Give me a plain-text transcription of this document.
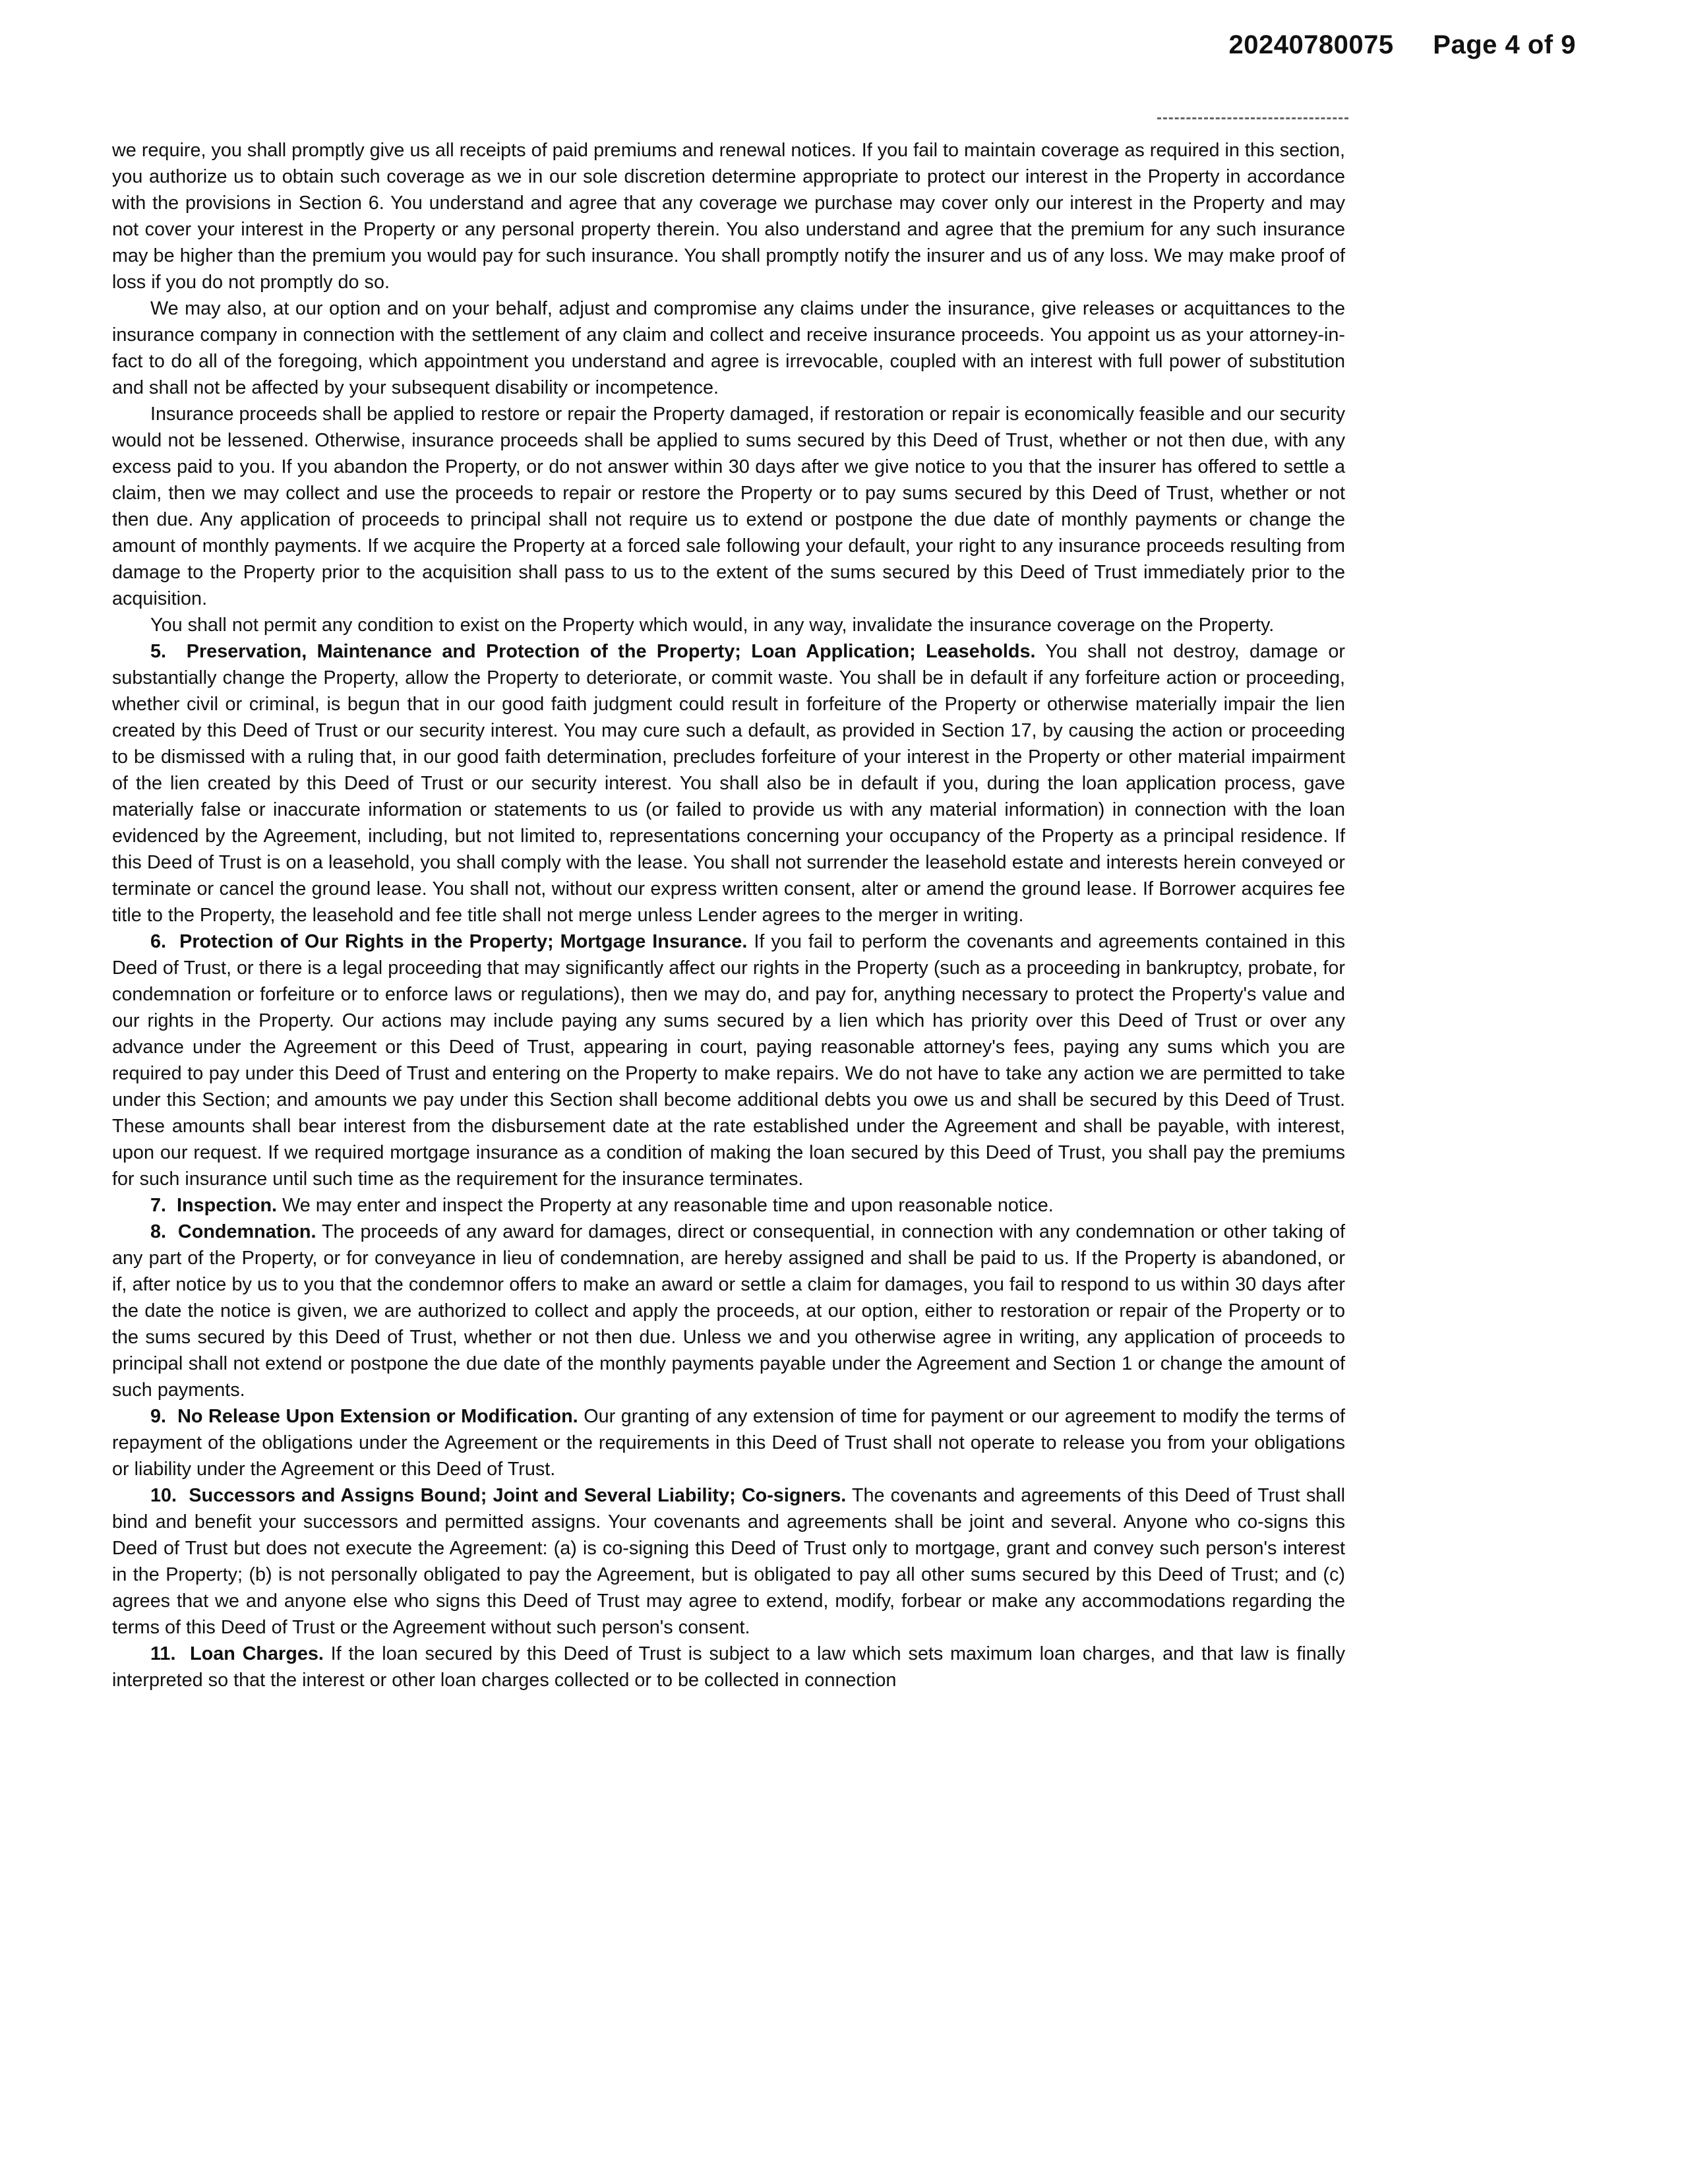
20240780075 Page 4 of 9

we require, you shall promptly give us all receipts of paid premiums and renewal notices. If you fail to maintain coverage as required in this section, you authorize us to obtain such coverage as we in our sole discretion determine appropriate to protect our interest in the Property in accordance with the provisions in Section 6. You understand and agree that any coverage we purchase may cover only our interest in the Property and may not cover your interest in the Property or any personal property therein. You also understand and agree that the premium for any such insurance may be higher than the premium you would pay for such insurance. You shall promptly notify the insurer and us of any loss. We may make proof of loss if you do not promptly do so.

We may also, at our option and on your behalf, adjust and compromise any claims under the insurance, give releases or acquittances to the insurance company in connection with the settlement of any claim and collect and receive insurance proceeds. You appoint us as your attorney-in-fact to do all of the foregoing, which appointment you understand and agree is irrevocable, coupled with an interest with full power of substitution and shall not be affected by your subsequent disability or incompetence.

Insurance proceeds shall be applied to restore or repair the Property damaged, if restoration or repair is economically feasible and our security would not be lessened. Otherwise, insurance proceeds shall be applied to sums secured by this Deed of Trust, whether or not then due, with any excess paid to you. If you abandon the Property, or do not answer within 30 days after we give notice to you that the insurer has offered to settle a claim, then we may collect and use the proceeds to repair or restore the Property or to pay sums secured by this Deed of Trust, whether or not then due. Any application of proceeds to principal shall not require us to extend or postpone the due date of monthly payments or change the amount of monthly payments. If we acquire the Property at a forced sale following your default, your right to any insurance proceeds resulting from damage to the Property prior to the acquisition shall pass to us to the extent of the sums secured by this Deed of Trust immediately prior to the acquisition.

You shall not permit any condition to exist on the Property which would, in any way, invalidate the insurance coverage on the Property.

5. Preservation, Maintenance and Protection of the Property; Loan Application; Leaseholds. You shall not destroy, damage or substantially change the Property, allow the Property to deteriorate, or commit waste. You shall be in default if any forfeiture action or proceeding, whether civil or criminal, is begun that in our good faith judgment could result in forfeiture of the Property or otherwise materially impair the lien created by this Deed of Trust or our security interest. You may cure such a default, as provided in Section 17, by causing the action or proceeding to be dismissed with a ruling that, in our good faith determination, precludes forfeiture of your interest in the Property or other material impairment of the lien created by this Deed of Trust or our security interest. You shall also be in default if you, during the loan application process, gave materially false or inaccurate information or statements to us (or failed to provide us with any material information) in connection with the loan evidenced by the Agreement, including, but not limited to, representations concerning your occupancy of the Property as a principal residence. If this Deed of Trust is on a leasehold, you shall comply with the lease. You shall not surrender the leasehold estate and interests herein conveyed or terminate or cancel the ground lease. You shall not, without our express written consent, alter or amend the ground lease. If Borrower acquires fee title to the Property, the leasehold and fee title shall not merge unless Lender agrees to the merger in writing.

6. Protection of Our Rights in the Property; Mortgage Insurance. If you fail to perform the covenants and agreements contained in this Deed of Trust, or there is a legal proceeding that may significantly affect our rights in the Property (such as a proceeding in bankruptcy, probate, for condemnation or forfeiture or to enforce laws or regulations), then we may do, and pay for, anything necessary to protect the Property's value and our rights in the Property. Our actions may include paying any sums secured by a lien which has priority over this Deed of Trust or over any advance under the Agreement or this Deed of Trust, appearing in court, paying reasonable attorney's fees, paying any sums which you are required to pay under this Deed of Trust and entering on the Property to make repairs. We do not have to take any action we are permitted to take under this Section; and amounts we pay under this Section shall become additional debts you owe us and shall be secured by this Deed of Trust. These amounts shall bear interest from the disbursement date at the rate established under the Agreement and shall be payable, with interest, upon our request. If we required mortgage insurance as a condition of making the loan secured by this Deed of Trust, you shall pay the premiums for such insurance until such time as the requirement for the insurance terminates.

7. Inspection. We may enter and inspect the Property at any reasonable time and upon reasonable notice.

8. Condemnation. The proceeds of any award for damages, direct or consequential, in connection with any condemnation or other taking of any part of the Property, or for conveyance in lieu of condemnation, are hereby assigned and shall be paid to us. If the Property is abandoned, or if, after notice by us to you that the condemnor offers to make an award or settle a claim for damages, you fail to respond to us within 30 days after the date the notice is given, we are authorized to collect and apply the proceeds, at our option, either to restoration or repair of the Property or to the sums secured by this Deed of Trust, whether or not then due. Unless we and you otherwise agree in writing, any application of proceeds to principal shall not extend or postpone the due date of the monthly payments payable under the Agreement and Section 1 or change the amount of such payments.

9. No Release Upon Extension or Modification. Our granting of any extension of time for payment or our agreement to modify the terms of repayment of the obligations under the Agreement or the requirements in this Deed of Trust shall not operate to release you from your obligations or liability under the Agreement or this Deed of Trust.

10. Successors and Assigns Bound; Joint and Several Liability; Co-signers. The covenants and agreements of this Deed of Trust shall bind and benefit your successors and permitted assigns. Your covenants and agreements shall be joint and several. Anyone who co-signs this Deed of Trust but does not execute the Agreement: (a) is co-signing this Deed of Trust only to mortgage, grant and convey such person's interest in the Property; (b) is not personally obligated to pay the Agreement, but is obligated to pay all other sums secured by this Deed of Trust; and (c) agrees that we and anyone else who signs this Deed of Trust may agree to extend, modify, forbear or make any accommodations regarding the terms of this Deed of Trust or the Agreement without such person's consent.

11. Loan Charges. If the loan secured by this Deed of Trust is subject to a law which sets maximum loan charges, and that law is finally interpreted so that the interest or other loan charges collected or to be collected in connection
